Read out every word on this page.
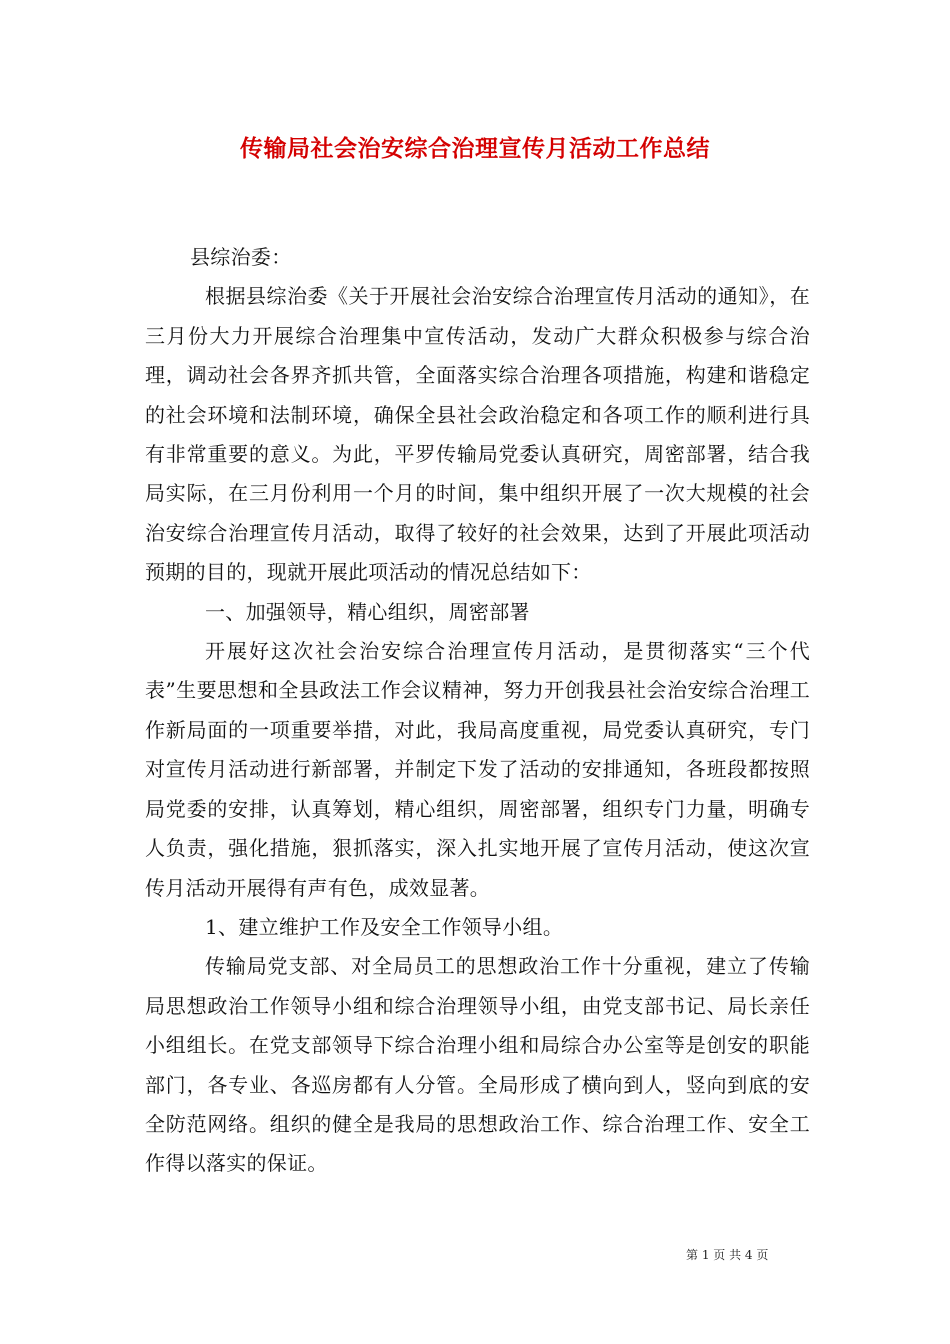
传输局社会治安综合治理宣传月活动工作总结

县综治委：

根据县综治委《关于开展社会治安综合治理宣传月活动的通知》，在三月份大力开展综合治理集中宣传活动，发动广大群众积极参与综合治理，调动社会各界齐抓共管，全面落实综合治理各项措施，构建和谐稳定的社会环境和法制环境，确保全县社会政治稳定和各项工作的顺利进行具有非常重要的意义。为此，平罗传输局党委认真研究，周密部署，结合我局实际，在三月份利用一个月的时间，集中组织开展了一次大规模的社会治安综合治理宣传月活动，取得了较好的社会效果，达到了开展此项活动预期的目的，现就开展此项活动的情况总结如下：

一、加强领导，精心组织，周密部署

开展好这次社会治安综合治理宣传月活动，是贯彻落实“三个代表”生要思想和全县政法工作会议精神，努力开创我县社会治安综合治理工作新局面的一项重要举措，对此，我局高度重视，局党委认真研究，专门对宣传月活动进行新部署，并制定下发了活动的安排通知，各班段都按照局党委的安排，认真筹划，精心组织，周密部署，组织专门力量，明确专人负责，强化措施，狠抓落实，深入扎实地开展了宣传月活动，使这次宣传月活动开展得有声有色，成效显著。

1、建立维护工作及安全工作领导小组。

传输局党支部、对全局员工的思想政治工作十分重视，建立了传输局思想政治工作领导小组和综合治理领导小组，由党支部书记、局长亲任小组组长。在党支部领导下综合治理小组和局综合办公室等是创安的职能部门，各专业、各巡房都有人分管。全局形成了横向到人，竖向到底的安全防范网络。组织的健全是我局的思想政治工作、综合治理工作、安全工作得以落实的保证。

第 1 页 共 4 页
